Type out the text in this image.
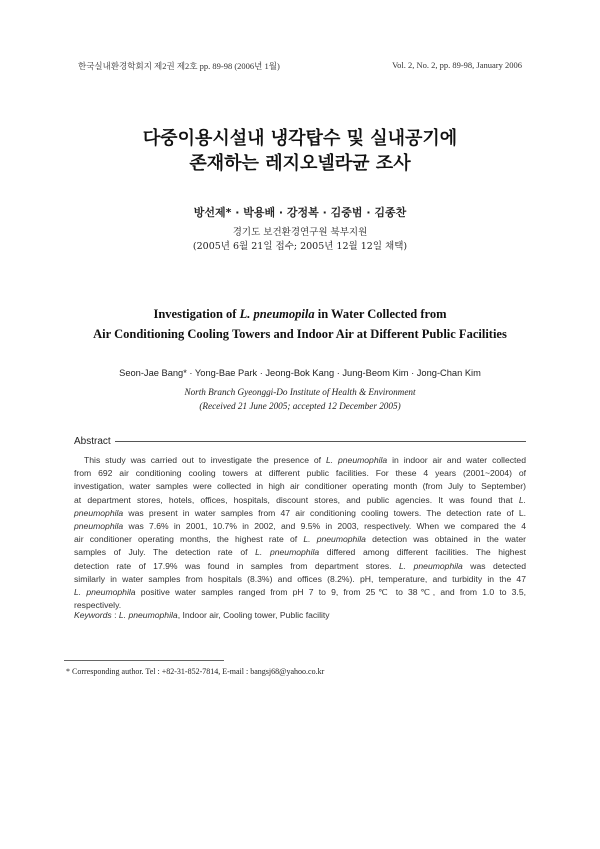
한국실내환경학회지 제2권 제2호 pp. 89-98 (2006년 1월)	Vol. 2, No. 2, pp. 89-98, January 2006
다중이용시설내 냉각탑수 및 실내공기에
존재하는 레지오넬라균 조사
방선제* · 박용배 · 강정복 · 김중범 · 김종찬
경기도 보건환경연구원 북부지원
(2005년 6월 21일 접수; 2005년 12월 12일 채택)
Investigation of L. pneumopila in Water Collected from
Air Conditioning Cooling Towers and Indoor Air at Different Public Facilities
Seon-Jae Bang* · Yong-Bae Park · Jeong-Bok Kang · Jung-Beom Kim · Jong-Chan Kim
North Branch Gyeonggi-Do Institute of Health & Environment
(Received 21 June 2005; accepted 12 December 2005)
Abstract
This study was carried out to investigate the presence of L. pneumophila in indoor air and water collected
from 692 air conditioning cooling towers at different public facilities. For these 4 years (2001~2004) of
investigation, water samples were collected in high air conditioner operating month (from July to September)
at department stores, hotels, offices, hospitals, discount stores, and public agencies. It was found that L.
pneumophila was present in water samples from 47 air conditioning cooling towers. The detection rate of L.
pneumophila was 7.6% in 2001, 10.7% in 2002, and 9.5% in 2003, respectively. When we compared the 4
air conditioner operating months, the highest rate of L. pneumophila detection was obtained in the water
samples of July. The detection rate of L. pneumophila differed among different facilities. The highest
detection rate of 17.9% was found in samples from department stores. L. pneumophila was detected
similarly in water samples from hospitals (8.3%) and offices (8.2%). pH, temperature, and turbidity in the 47
L. pneumophila positive water samples ranged from pH 7 to 9, from 25℃ to 38℃, and from 1.0 to 3.5,
respectively.
Keywords : L. pneumophila, Indoor air, Cooling tower, Public facility
* Corresponding author. Tel : +82-31-852-7814, E-mail : bangsj68@yahoo.co.kr
